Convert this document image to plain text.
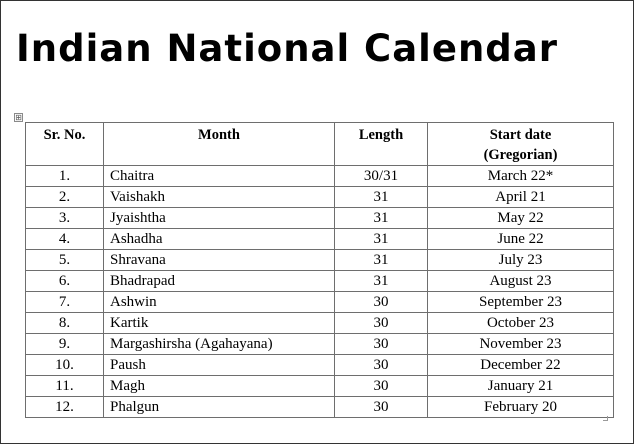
Indian National Calendar
⊞
Sr. No.	Month	Length	Start date
(Gregorian)
1.	Chaitra	30/31	March 22*
2.	Vaishakh	31	April 21
3.	Jyaishtha	31	May 22
4.	Ashadha	31	June 22
5.	Shravana	31	July 23
6.	Bhadrapad	31	August 23
7.	Ashwin	30	September 23
8.	Kartik	30	October 23
9.	Margashirsha (Agahayana)	30	November 23
10.	Paush	30	December 22
11.	Magh	30	January 21
12.	Phalgun	30	February 20
